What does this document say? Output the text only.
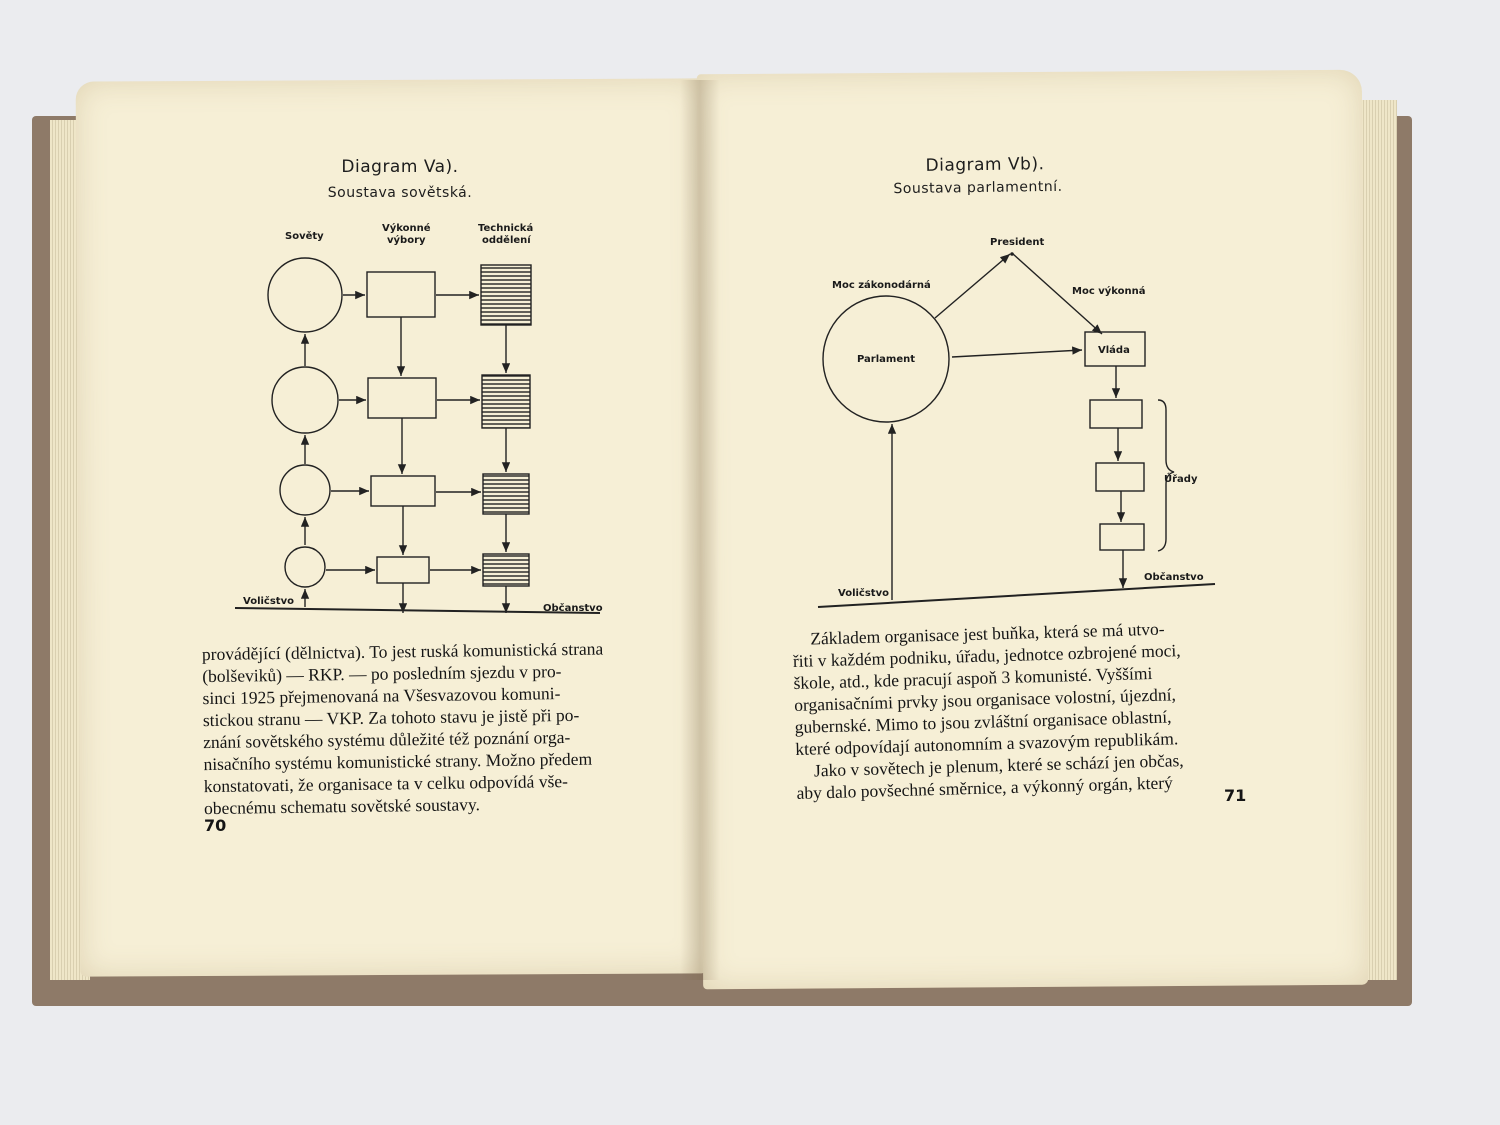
Diagram Va).
Soustava sovětská.
Sověty
Výkonné
výbory
Technická
oddělení
Voličstvo
Občanstvo
provádějící (dělnictva). To jest ruská komunistická strana
(bolševiků) — RKP. — po posledním sjezdu v pro-
sinci 1925 přejmenovaná na Všesvazovou komuni-
stickou stranu — VKP. Za tohoto stavu je jistě při po-
znání sovětského systému důležité též poznání orga-
nisačního systému komunistické strany. Možno předem
konstatovati, že organisace ta v celku odpovídá vše-
obecnému schematu sovětské soustavy.
70
Diagram Vb).
Soustava parlamentní.
President
Moc zákonodárná
Moc výkonná
Parlament
Vláda
Úřady
Voličstvo
Občanstvo
Základem organisace jest buňka, která se má utvo-
řiti v každém podniku, úřadu, jednotce ozbrojené moci,
škole, atd., kde pracují aspoň 3 komunisté. Vyššími
organisačními prvky jsou organisace volostní, újezdní,
gubernské. Mimo to jsou zvláštní organisace oblastní,
které odpovídají autonomním a svazovým republikám.
Jako v sovětech je plenum, které se schází jen občas,
aby dalo povšechné směrnice, a výkonný orgán, který	71
